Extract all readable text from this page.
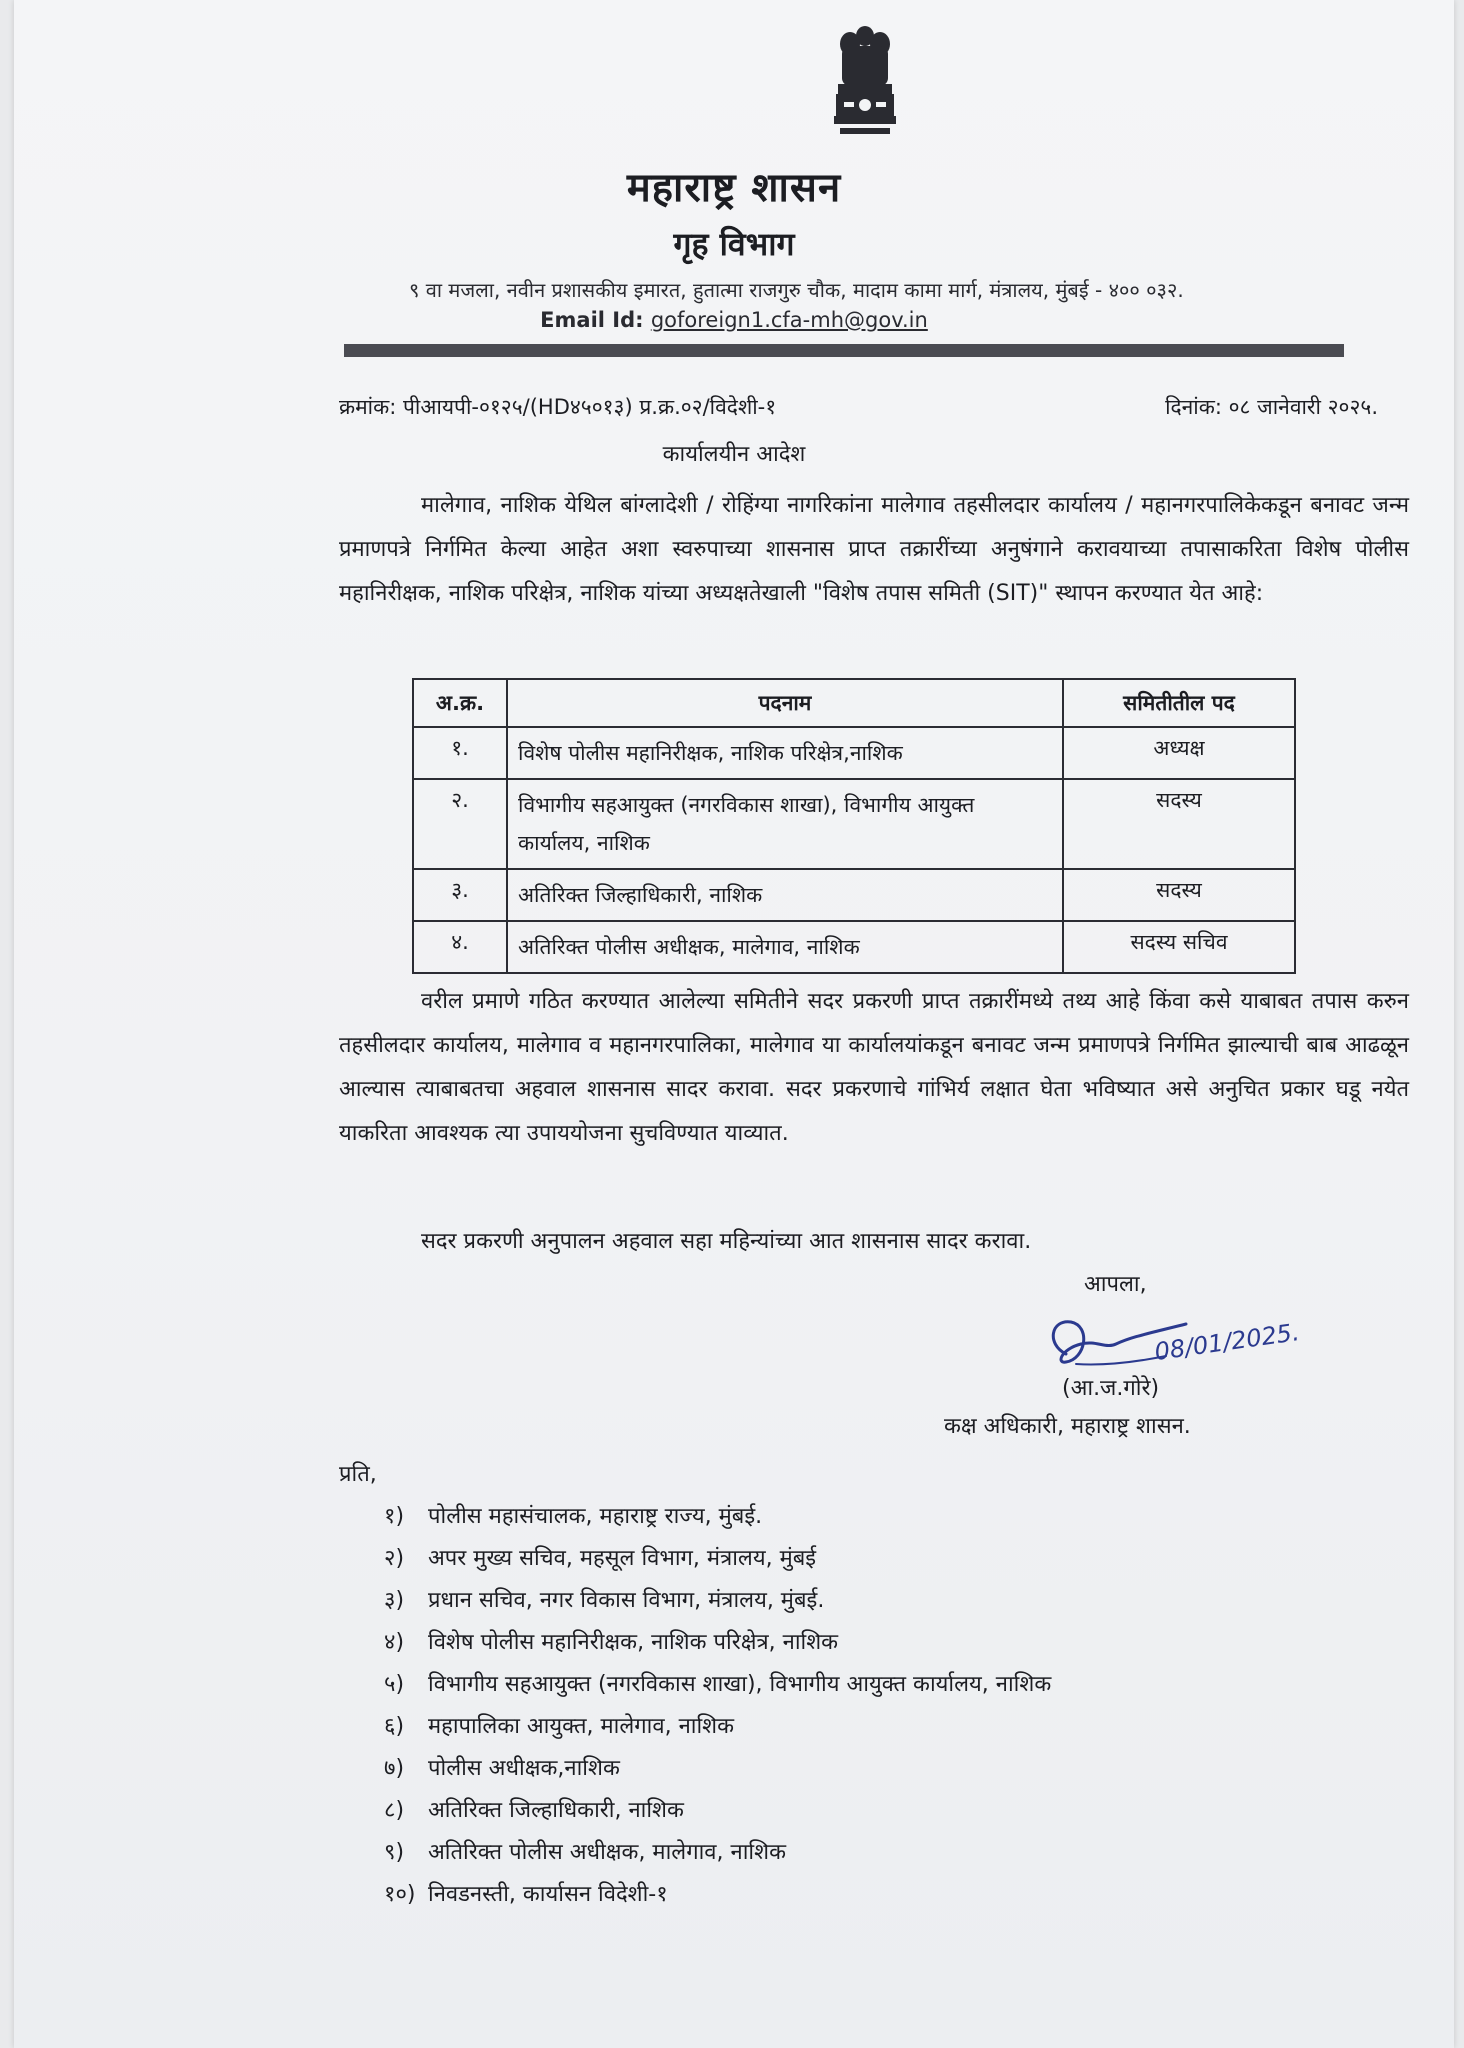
महाराष्ट्र शासन
गृह विभाग
९ वा मजला, नवीन प्रशासकीय इमारत, हुतात्मा राजगुरु चौक, मादाम कामा मार्ग, मंत्रालय, मुंबई - ४०० ०३२.
Email Id: goforeign1.cfa-mh@gov.in
क्रमांक: पीआयपी-०१२५/(HD४५०१३) प्र.क्र.०२/विदेशी-१	दिनांक: ०८ जानेवारी २०२५.
कार्यालयीन आदेश
मालेगाव, नाशिक येथिल बांग्लादेशी / रोहिंग्या नागरिकांना मालेगाव तहसीलदार कार्यालय / महानगरपालिकेकडून बनावट जन्म प्रमाणपत्रे निर्गमित केल्या आहेत अशा स्वरुपाच्या शासनास प्राप्त तक्रारींच्या अनुषंगाने करावयाच्या तपासाकरिता विशेष पोलीस महानिरीक्षक, नाशिक परिक्षेत्र, नाशिक यांच्या अध्यक्षतेखाली "विशेष तपास समिती (SIT)" स्थापन करण्यात येत आहे:
अ.क्र.	पदनाम	समितीतील पद
१.	विशेष पोलीस महानिरीक्षक, नाशिक परिक्षेत्र,नाशिक	अध्यक्ष
२.	विभागीय सहआयुक्त (नगरविकास शाखा), विभागीय आयुक्त कार्यालय, नाशिक	सदस्य
३.	अतिरिक्त जिल्हाधिकारी, नाशिक	सदस्य
४.	अतिरिक्त पोलीस अधीक्षक, मालेगाव, नाशिक	सदस्य सचिव
वरील प्रमाणे गठित करण्यात आलेल्या समितीने सदर प्रकरणी प्राप्त तक्रारींमध्ये तथ्य आहे किंवा कसे याबाबत तपास करुन तहसीलदार कार्यालय, मालेगाव व महानगरपालिका, मालेगाव या कार्यालयांकडून बनावट जन्म प्रमाणपत्रे निर्गमित झाल्याची बाब आढळून आल्यास त्याबाबतचा अहवाल शासनास सादर करावा. सदर प्रकरणाचे गांभिर्य लक्षात घेता भविष्यात असे अनुचित प्रकार घडू नयेत याकरिता आवश्यक त्या उपाययोजना सुचविण्यात याव्यात.
सदर प्रकरणी अनुपालन अहवाल सहा महिन्यांच्या आत शासनास सादर करावा.
आपला,
08/01/2025.
(आ.ज.गोरे)
कक्ष अधिकारी, महाराष्ट्र शासन.
प्रति,
१) पोलीस महासंचालक, महाराष्ट्र राज्य, मुंबई.
२) अपर मुख्य सचिव, महसूल विभाग, मंत्रालय, मुंबई
३) प्रधान सचिव, नगर विकास विभाग, मंत्रालय, मुंबई.
४) विशेष पोलीस महानिरीक्षक, नाशिक परिक्षेत्र, नाशिक
५) विभागीय सहआयुक्त (नगरविकास शाखा), विभागीय आयुक्त कार्यालय, नाशिक
६) महापालिका आयुक्त, मालेगाव, नाशिक
७) पोलीस अधीक्षक,नाशिक
८) अतिरिक्त जिल्हाधिकारी, नाशिक
९) अतिरिक्त पोलीस अधीक्षक, मालेगाव, नाशिक
१०) निवडनस्ती, कार्यासन विदेशी-१
